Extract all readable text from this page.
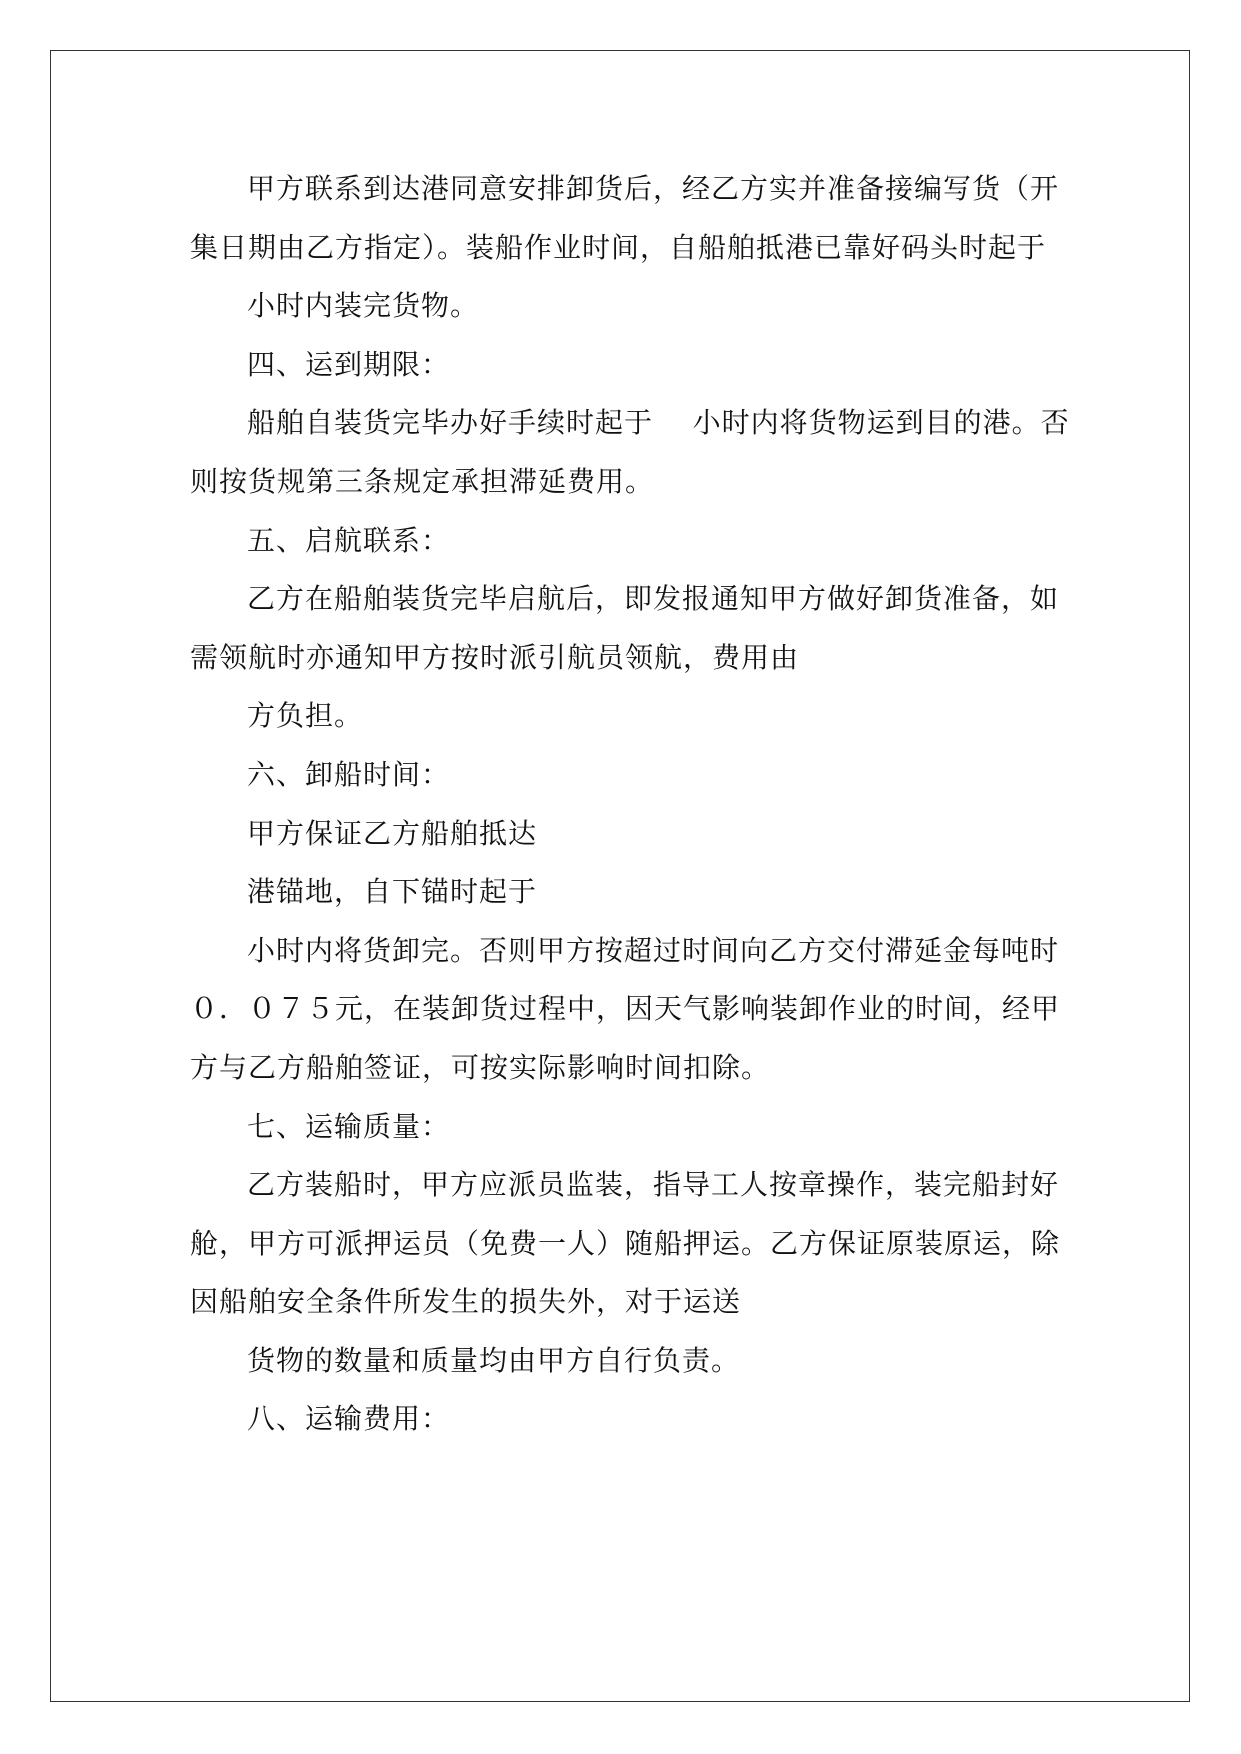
甲方联系到达港同意安排卸货后，经乙方实并准备接编写货（开
集日期由乙方指定）。装船作业时间，自船舶抵港已靠好码头时起于
小时内装完货物。
四、运到期限：
船舶自装货完毕办好手续时起于    小时内将货物运到目的港。否
则按货规第三条规定承担滞延费用。
五、启航联系：
乙方在船舶装货完毕启航后，即发报通知甲方做好卸货准备，如
需领航时亦通知甲方按时派引航员领航，费用由
方负担。
六、卸船时间：
甲方保证乙方船舶抵达
港锚地，自下锚时起于
小时内将货卸完。否则甲方按超过时间向乙方交付滞延金每吨时
０．０７５元，在装卸货过程中，因天气影响装卸作业的时间，经甲
方与乙方船舶签证，可按实际影响时间扣除。
七、运输质量：
乙方装船时，甲方应派员监装，指导工人按章操作，装完船封好
舱，甲方可派押运员（免费一人）随船押运。乙方保证原装原运，除
因船舶安全条件所发生的损失外，对于运送
货物的数量和质量均由甲方自行负责。
八、运输费用：
